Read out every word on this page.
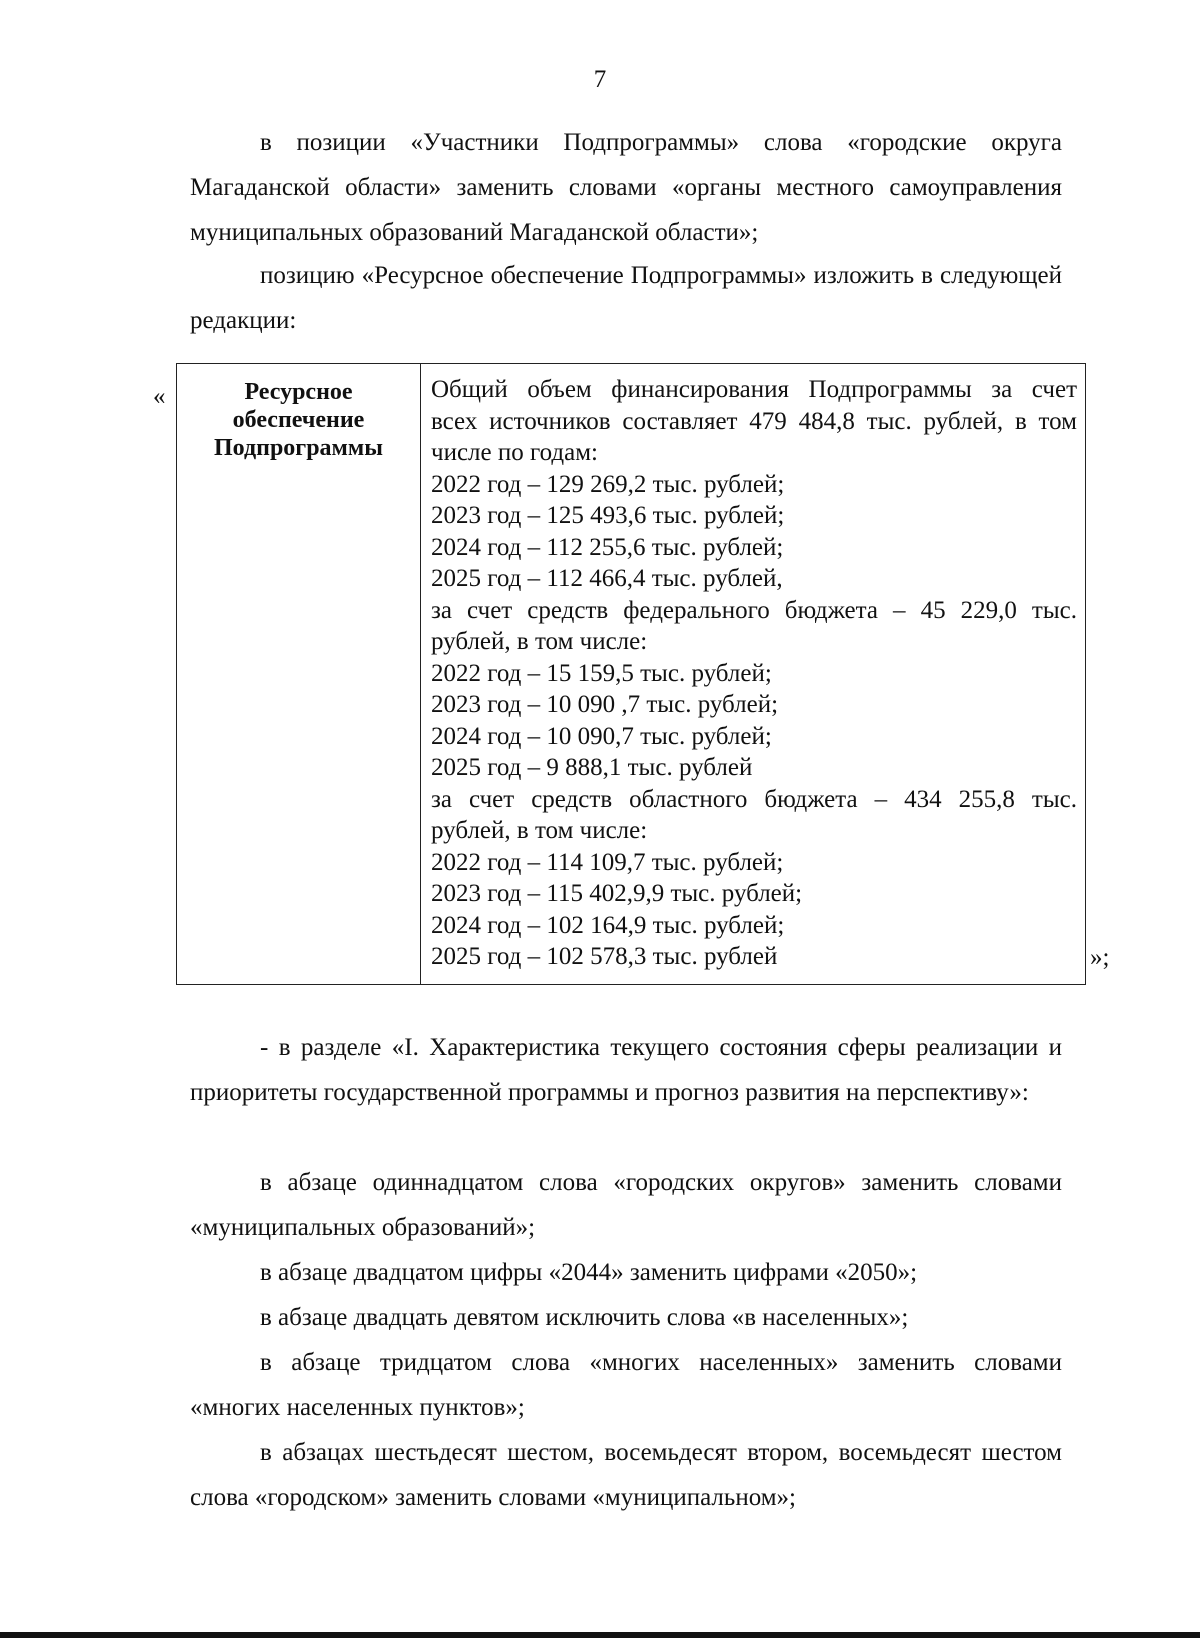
7

в позиции «Участники Подпрограммы» слова «городские округа Магаданской области» заменить словами «органы местного самоуправления муниципальных образований Магаданской области»;

позицию «Ресурсное обеспечение Подпрограммы» изложить в следующей редакции:

«	Ресурсное
обеспечение
Подпрограммы
Общий объем финансирования Подпрограммы за счет
всех источников составляет 479 484,8 тыс. рублей, в том
числе по годам:
2022 год – 129 269,2 тыс. рублей;
2023 год – 125 493,6 тыс. рублей;
2024 год – 112 255,6 тыс. рублей;
2025 год – 112 466,4 тыс. рублей,
за счет средств федерального бюджета – 45 229,0 тыс.
рублей, в том числе:
2022 год – 15 159,5 тыс. рублей;
2023 год – 10 090 ,7 тыс. рублей;
2024 год – 10 090,7 тыс. рублей;
2025 год – 9 888,1 тыс. рублей
за счет средств областного бюджета – 434 255,8 тыс.
рублей, в том числе:
2022 год – 114 109,7 тыс. рублей;
2023 год – 115 402,9,9 тыс. рублей;
2024 год – 102 164,9 тыс. рублей;
2025 год – 102 578,3 тыс. рублей	»;

- в разделе «I. Характеристика текущего состояния сферы реализации и приоритеты государственной программы и прогноз развития на перспективу»:

в абзаце одиннадцатом слова «городских округов» заменить словами «муниципальных образований»;

в абзаце двадцатом цифры «2044» заменить цифрами «2050»;

в абзаце двадцать девятом исключить слова «в населенных»;

в абзаце тридцатом слова «многих населенных» заменить словами «многих населенных пунктов»;

в абзацах шестьдесят шестом, восемьдесят втором, восемьдесят шестом слова «городском» заменить словами «муниципальном»;
